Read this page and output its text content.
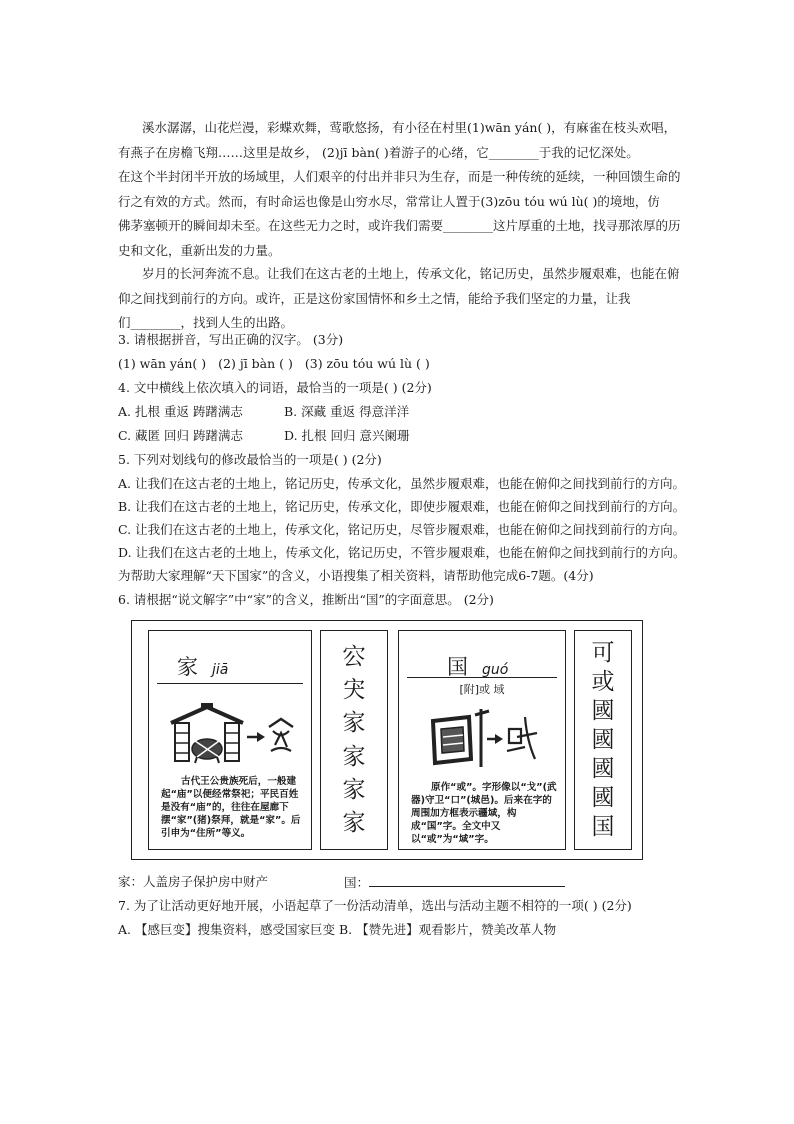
溪水潺潺，山花烂漫，彩蝶欢舞，莺歌悠扬，有小径在村里(1)wān yán( )，有麻雀在枝头欢唱，
有燕子在房檐飞翔……这里是故乡， (2)jī bàn( )着游子的心绪，它________于我的记忆深处。
在这个半封闭半开放的场域里，人们艰辛的付出并非只为生存，而是一种传统的延续，一种回馈生命的
行之有效的方式。然而，有时命运也像是山穷水尽，常常让人置于(3)zōu tóu wú lù( )的境地，仿
佛茅塞顿开的瞬间却未至。在这些无力之时，或许我们需要________这片厚重的土地，找寻那浓厚的历
史和文化，重新出发的力量。

岁月的长河奔流不息。让我们在这古老的土地上，传承文化，铭记历史，虽然步履艰难，也能在俯
仰之间找到前行的方向。或许，正是这份家国情怀和乡土之情，能给予我们坚定的力量，让我
们________，找到人生的出路。

3. 请根据拼音，写出正确的汉字。 (3分)
(1) wān yán( ) (2) jī bàn ( ) (3) zōu tóu wú lù ( )
4. 文中横线上依次填入的词语，最恰当的一项是( ) (2分)
A. 扎根 重返 踌躇满志	B. 深藏 重返 得意洋洋
C. 藏匿 回归 踌躇满志	D. 扎根 回归 意兴阑珊
5. 下列对划线句的修改最恰当的一项是( ) (2分)
A. 让我们在这古老的土地上，铭记历史，传承文化，虽然步履艰难，也能在俯仰之间找到前行的方向。
B. 让我们在这古老的土地上，铭记历史，传承文化，即使步履艰难，也能在俯仰之间找到前行的方向。
C. 让我们在这古老的土地上，传承文化，铭记历史，尽管步履艰难，也能在俯仰之间找到前行的方向。
D. 让我们在这古老的土地上，传承文化，铭记历史，不管步履艰难，也能在俯仰之间找到前行的方向。
为帮助大家理解“天下国家”的含义，小语搜集了相关资料，请帮助他完成6-7题。(4分)
6. 请根据“说文解字”中“家”的含义，推断出“国”的字面意思。 (2分)
家 jiā

古代王公贵族死后，一般建起“庙”以便经常祭祀；平民百姓是没有“庙”的，往往在屋廊下摆“家”(猪)祭拜，就是“家”。后引申为“住所”等义。

㝐
宊
家
家
家
家
国 guó
[附]或 域

原作“或”。字形像以“戈”(武器)守卫“口”(城邑)。后来在字的周围加方框表示疆域，构成“国”字。全文中又以“或”为“域”字。

可
或
國
國
國
國
国
家：人盖房子保护房中财产	国：
7. 为了让活动更好地开展，小语起草了一份活动清单，选出与活动主题不相符的一项( ) (2分)
A. 【感巨变】搜集资料，感受国家巨变 B. 【赞先进】观看影片，赞美改革人物
